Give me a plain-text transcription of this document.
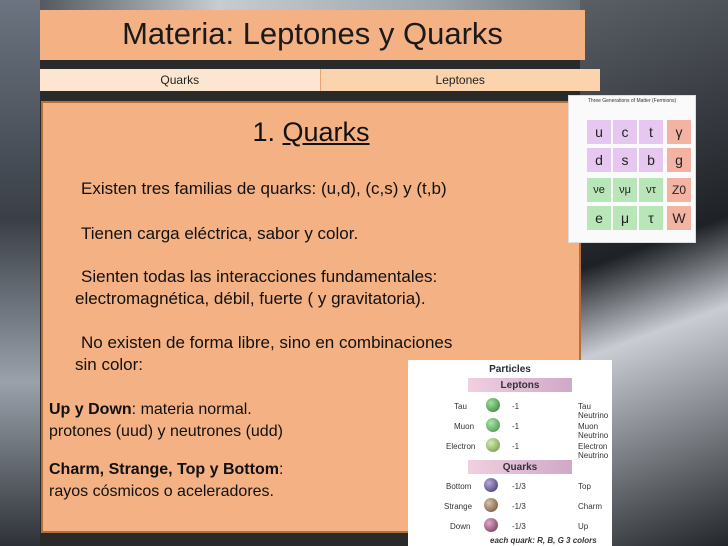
Materia: Leptones y Quarks
Quarks	Leptones
1. Quarks
Existen tres familias de quarks: (u,d), (c,s) y (t,b)
Tienen carga eléctrica, sabor y color.
Sienten todas las interacciones fundamentales:
electromagnética, débil, fuerte ( y gravitatoria).
No existen de forma libre, sino en combinaciones
sin color:
Up y Down: materia normal.
protones (uud) y neutrones (udd)
Charm, Strange, Top y Bottom:
rayos cósmicos o aceleradores.
Three Generations of Matter (Fermions)
u	c	t	γ
d	s	b	g
νe	νμ	ντ	Z0
e	μ	τ	W
Particles
Leptons
Tau	-1	Tau Neutrino
Muon	-1	Muon Neutrino
Electron	-1	Electron Neutrino
Quarks
Bottom	-1/3	Top
Strange	-1/3	Charm
Down	-1/3	Up
each quark: R, B, G 3 colors
